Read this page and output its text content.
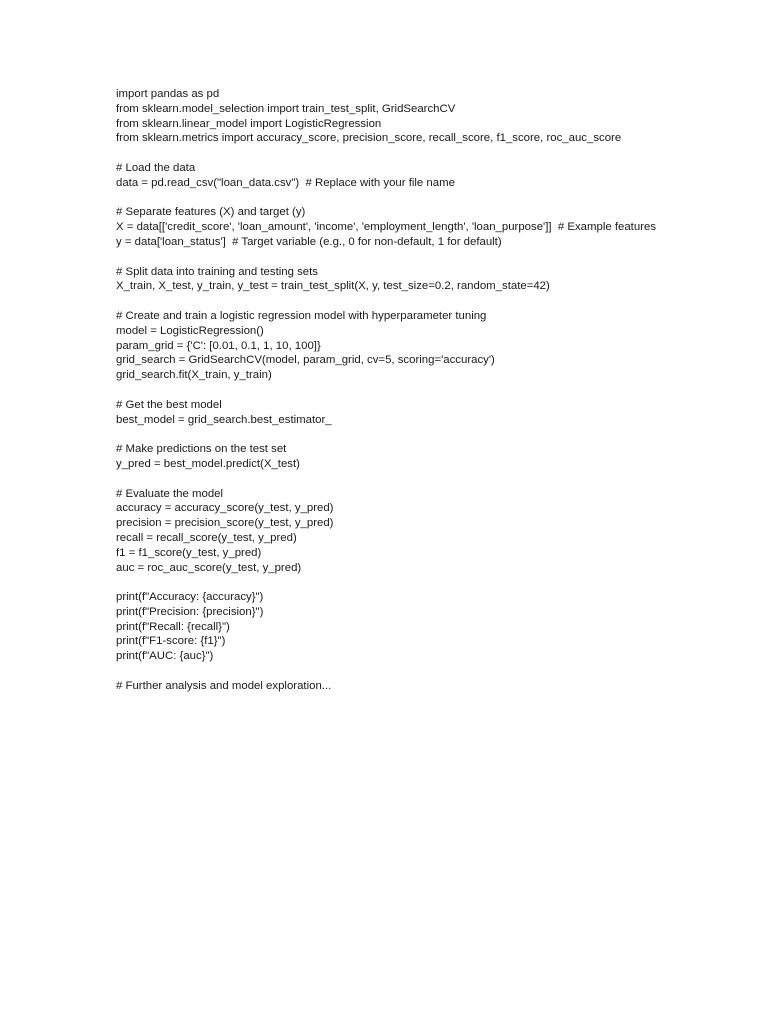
import pandas as pd
from sklearn.model_selection import train_test_split, GridSearchCV
from sklearn.linear_model import LogisticRegression
from sklearn.metrics import accuracy_score, precision_score, recall_score, f1_score, roc_auc_score
# Load the data
data = pd.read_csv("loan_data.csv")  # Replace with your file name
# Separate features (X) and target (y)
X = data[['credit_score', 'loan_amount', 'income', 'employment_length', 'loan_purpose']]  # Example features
y = data['loan_status']  # Target variable (e.g., 0 for non-default, 1 for default)
# Split data into training and testing sets
X_train, X_test, y_train, y_test = train_test_split(X, y, test_size=0.2, random_state=42)
# Create and train a logistic regression model with hyperparameter tuning
model = LogisticRegression()
param_grid = {'C': [0.01, 0.1, 1, 10, 100]}
grid_search = GridSearchCV(model, param_grid, cv=5, scoring='accuracy')
grid_search.fit(X_train, y_train)
# Get the best model
best_model = grid_search.best_estimator_
# Make predictions on the test set
y_pred = best_model.predict(X_test)
# Evaluate the model
accuracy = accuracy_score(y_test, y_pred)
precision = precision_score(y_test, y_pred)
recall = recall_score(y_test, y_pred)
f1 = f1_score(y_test, y_pred)
auc = roc_auc_score(y_test, y_pred)
print(f"Accuracy: {accuracy}")
print(f"Precision: {precision}")
print(f"Recall: {recall}")
print(f"F1-score: {f1}")
print(f"AUC: {auc}")
# Further analysis and model exploration...
